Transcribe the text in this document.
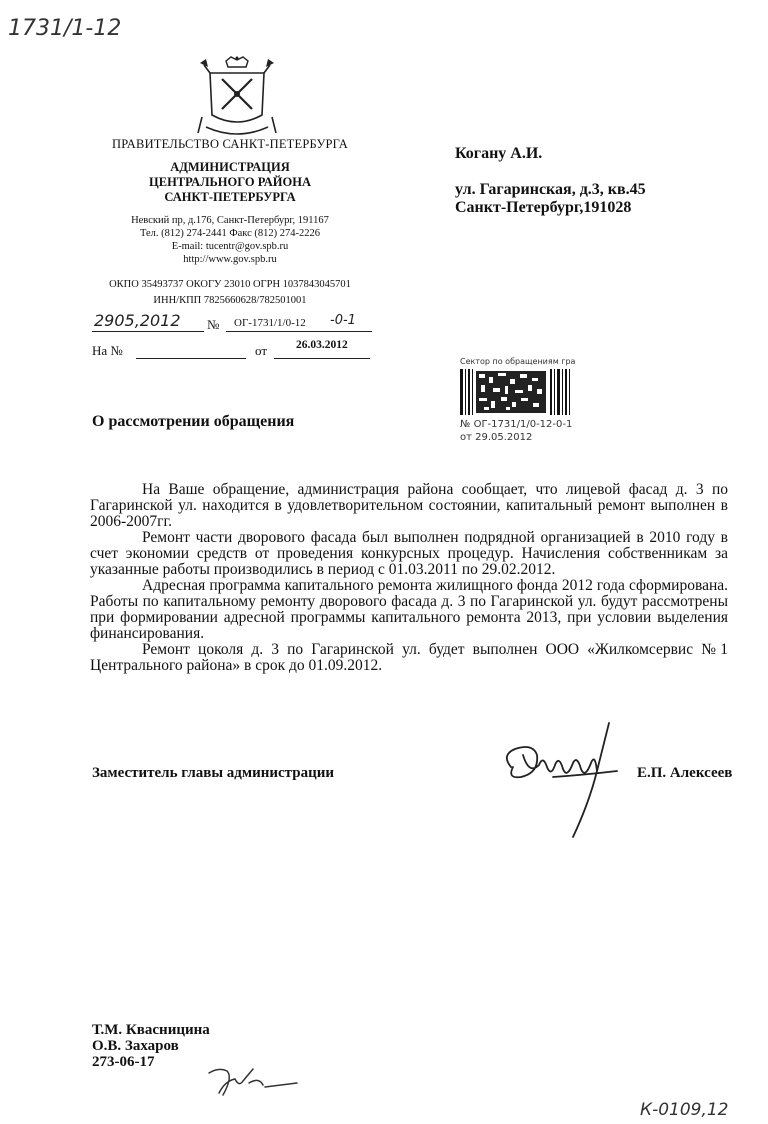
1731/1-12
ПРАВИТЕЛЬСТВО САНКТ-ПЕТЕРБУРГА
АДМИНИСТРАЦИЯ
ЦЕНТРАЛЬНОГО РАЙОНА
САНКТ-ПЕТЕРБУРГА
Невский пр, д.176, Санкт-Петербург, 191167
Тел. (812) 274-2441 Факс (812) 274-2226
E-mail: tucentr@gov.spb.ru
http://www.gov.spb.ru
ОКПО 35493737 ОКОГУ 23010 ОГРН 1037843045701
ИНН/КПП 7825660628/782501001
2905,2012 № ОГ-1731/1/0-12 -0-1
На №	от	26.03.2012
Когану А.И.
ул. Гагаринская, д.3, кв.45
Санкт-Петербург,191028
Сектор по обращениям гра
№ ОГ-1731/1/0-12-0-1
от 29.05.2012
О рассмотрении обращения

На Ваше обращение, администрация района сообщает, что лицевой фасад д. 3 по Гагаринской ул. находится в удовлетворительном состоянии, капитальный ремонт выполнен в 2006-2007гг.

Ремонт части дворового фасада был выполнен подрядной организацией в 2010 году в счет экономии средств от проведения конкурсных процедур. Начисления собственникам за указанные работы производились в период с 01.03.2011 по 29.02.2012.

Адресная программа капитального ремонта жилищного фонда 2012 года сформирована. Работы по капитальному ремонту дворового фасада д. 3 по Гагаринской ул. будут рассмотрены при формировании адресной программы капитального ремонта 2013, при условии выделения финансирования.

Ремонт цоколя д. 3 по Гагаринской ул. будет выполнен ООО «Жилкомсервис №1 Центрального района» в срок до 01.09.2012.

Заместитель главы администрации	Е.П. Алексеев
Т.М. Квасницина
О.В. Захаров
273-06-17
К-0109,12
